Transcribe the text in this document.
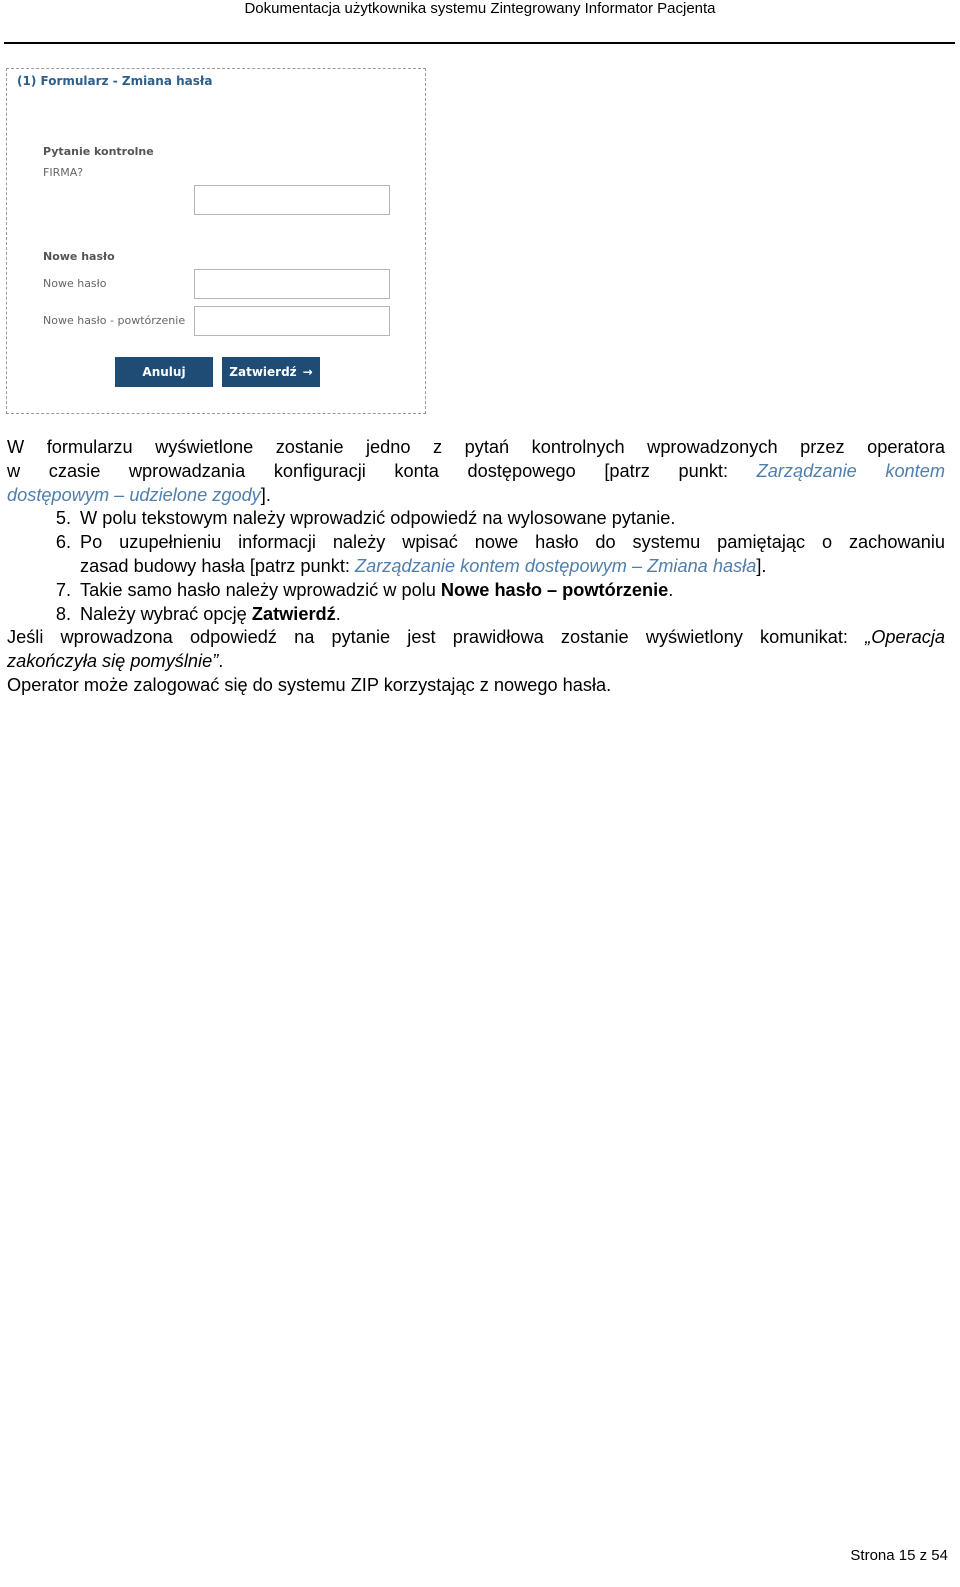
Dokumentacja użytkownika systemu Zintegrowany Informator Pacjenta
(1) Formularz - Zmiana hasła
Pytanie kontrolne
FIRMA?
Nowe hasło
Nowe hasło
Nowe hasło - powtórzenie
Anuluj	Zatwierdź →

W formularzu wyświetlone zostanie jedno z pytań kontrolnych wprowadzonych przez operatora

w czasie wprowadzania konfiguracji konta dostępowego [patrz punkt: Zarządzanie kontem

dostępowym – udzielone zgody].

5. W polu tekstowym należy wprowadzić odpowiedź na wylosowane pytanie.
6. Po uzupełnieniu informacji należy wpisać nowe hasło do systemu pamiętając o zachowaniu
zasad budowy hasła [patrz punkt: Zarządzanie kontem dostępowym – Zmiana hasła].
7. Takie samo hasło należy wprowadzić w polu Nowe hasło – powtórzenie.
8. Należy wybrać opcję Zatwierdź.

Jeśli wprowadzona odpowiedź na pytanie jest prawidłowa zostanie wyświetlony komunikat: „Operacja

zakończyła się pomyślnie”.

Operator może zalogować się do systemu ZIP korzystając z nowego hasła.

Strona 15 z 54
